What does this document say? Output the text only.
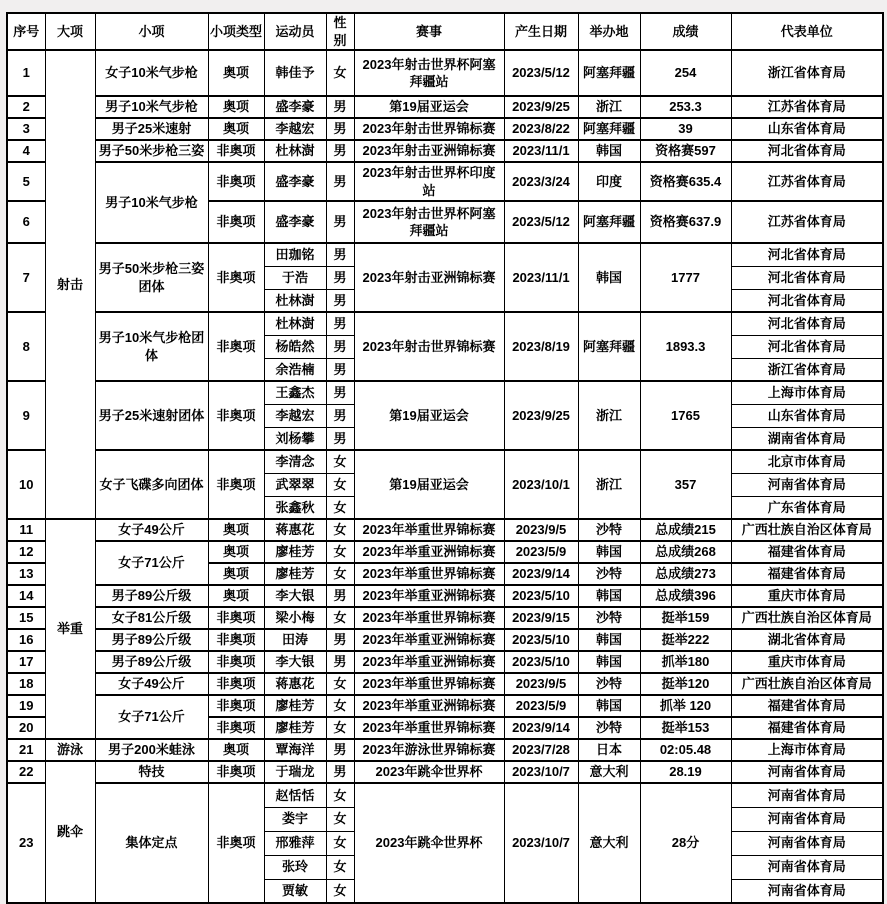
序号	大项	小项	小项类型	运动员	性别	赛事	产生日期	举办地	成绩	代表单位
1	射击	女子10米气步枪	奥项	韩佳予	女	2023年射击世界杯阿塞拜疆站	2023/5/12	阿塞拜疆	254	浙江省体育局
2		男子10米气步枪	奥项	盛李豪	男	第19届亚运会	2023/9/25	浙江	253.3	江苏省体育局
3		男子25米速射	奥项	李越宏	男	2023年射击世界锦标赛	2023/8/22	阿塞拜疆	39	山东省体育局
4		男子50米步枪三姿	非奥项	杜林澍	男	2023年射击亚洲锦标赛	2023/11/1	韩国	资格赛597	河北省体育局
5		男子10米气步枪	非奥项	盛李豪	男	2023年射击世界杯印度站	2023/3/24	印度	资格赛635.4	江苏省体育局
6			非奥项	盛李豪	男	2023年射击世界杯阿塞拜疆站	2023/5/12	阿塞拜疆	资格赛637.9	江苏省体育局
7		男子50米步枪三姿团体	非奥项	田珈铭	男	2023年射击亚洲锦标赛	2023/11/1	韩国	1777	河北省体育局
				于浩	男					河北省体育局
				杜林澍	男					河北省体育局
8		男子10米气步枪团体	非奥项	杜林澍	男	2023年射击世界锦标赛	2023/8/19	阿塞拜疆	1893.3	河北省体育局
				杨皓然	男					河北省体育局
				余浩楠	男					浙江省体育局
9		男子25米速射团体	非奥项	王鑫杰	男	第19届亚运会	2023/9/25	浙江	1765	上海市体育局
				李越宏	男					山东省体育局
				刘杨攀	男					湖南省体育局
10		女子飞碟多向团体	非奥项	李清念	女	第19届亚运会	2023/10/1	浙江	357	北京市体育局
				武翠翠	女					河南省体育局
				张鑫秋	女					广东省体育局
11	举重	女子49公斤	奥项	蒋惠花	女	2023年举重世界锦标赛	2023/9/5	沙特	总成绩215	广西壮族自治区体育局
12		女子71公斤	奥项	廖桂芳	女	2023年举重亚洲锦标赛	2023/5/9	韩国	总成绩268	福建省体育局
13			奥项	廖桂芳	女	2023年举重世界锦标赛	2023/9/14	沙特	总成绩273	福建省体育局
14		男子89公斤级	奥项	李大银	男	2023年举重亚洲锦标赛	2023/5/10	韩国	总成绩396	重庆市体育局
15		女子81公斤级	非奥项	梁小梅	女	2023年举重世界锦标赛	2023/9/15	沙特	挺举159	广西壮族自治区体育局
16		男子89公斤级	非奥项	田涛	男	2023年举重亚洲锦标赛	2023/5/10	韩国	挺举222	湖北省体育局
17		男子89公斤级	非奥项	李大银	男	2023年举重亚洲锦标赛	2023/5/10	韩国	抓举180	重庆市体育局
18		女子49公斤	非奥项	蒋惠花	女	2023年举重世界锦标赛	2023/9/5	沙特	挺举120	广西壮族自治区体育局
19		女子71公斤	非奥项	廖桂芳	女	2023年举重亚洲锦标赛	2023/5/9	韩国	抓举 120	福建省体育局
20			非奥项	廖桂芳	女	2023年举重世界锦标赛	2023/9/14	沙特	挺举153	福建省体育局
21	游泳	男子200米蛙泳	奥项	覃海洋	男	2023年游泳世界锦标赛	2023/7/28	日本	02:05.48	上海市体育局
22	跳伞	特技	非奥项	于瑞龙	男	2023年跳伞世界杯	2023/10/7	意大利	28.19	河南省体育局
23		集体定点	非奥项	赵恬恬	女	2023年跳伞世界杯	2023/10/7	意大利	28分	河南省体育局
				娄宇	女					河南省体育局
				邢雅萍	女					河南省体育局
				张玲	女					河南省体育局
				贾敏	女					河南省体育局
